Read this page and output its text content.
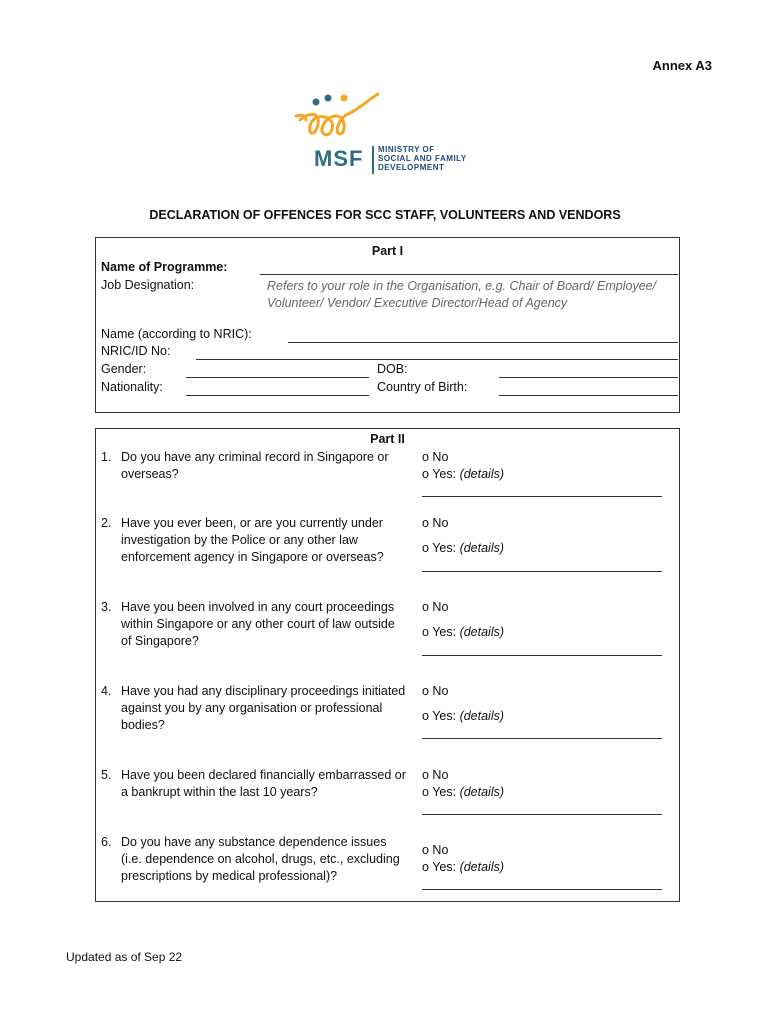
Annex A3
MSF MINISTRY OF
SOCIAL AND FAMILY
DEVELOPMENT
DECLARATION OF OFFENCES FOR SCC STAFF, VOLUNTEERS AND VENDORS
Part I
Name of Programme:
Job Designation:	Refers to your role in the Organisation, e.g. Chair of Board/ Employee/
Volunteer/ Vendor/ Executive Director/Head of Agency
Name (according to NRIC):
NRIC/ID No:
Gender:	DOB:
Nationality:	Country of Birth:
Part II
1. Do you have any criminal record in Singapore or overseas?
o No
o Yes: (details)
2. Have you ever been, or are you currently under investigation by the Police or any other law enforcement agency in Singapore or overseas?
o No
o Yes: (details)
3. Have you been involved in any court proceedings within Singapore or any other court of law outside of Singapore?
o No
o Yes: (details)
4. Have you had any disciplinary proceedings initiated against you by any organisation or professional bodies?
o No
o Yes: (details)
5. Have you been declared financially embarrassed or a bankrupt within the last 10 years?
o No
o Yes: (details)
6. Do you have any substance dependence issues (i.e. dependence on alcohol, drugs, etc., excluding prescriptions by medical professional)?
o No
o Yes: (details)
Updated as of Sep 22
